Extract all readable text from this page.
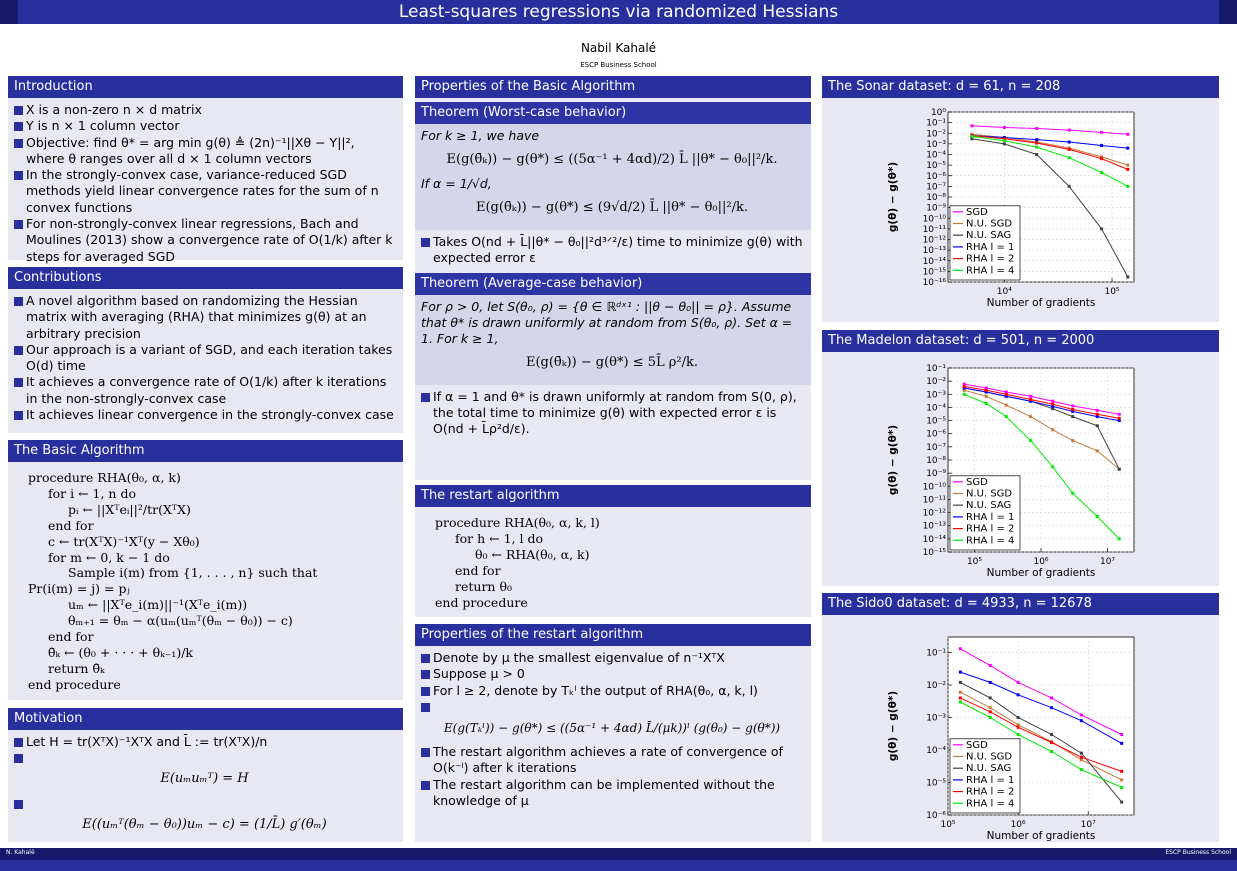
Least-squares regressions via randomized Hessians
Nabil Kahalé
ESCP Business School
Introduction
X is a non-zero n × d matrix
Y is n × 1 column vector
Objective: find θ* = arg min g(θ) ≜ (2n)⁻¹||Xθ − Y||², where θ ranges over all d × 1 column vectors
In the strongly-convex case, variance-reduced SGD methods yield linear convergence rates for the sum of n convex functions
For non-strongly-convex linear regressions, Bach and Moulines (2013) show a convergence rate of O(1/k) after k steps for averaged SGD
Contributions
A novel algorithm based on randomizing the Hessian matrix with averaging (RHA) that minimizes g(θ) at an arbitrary precision
Our approach is a variant of SGD, and each iteration takes O(d) time
It achieves a convergence rate of O(1/k) after k iterations in the non-strongly-convex case
It achieves linear convergence in the strongly-convex case
The Basic Algorithm
procedure RHA(θ₀, α, k)
for i ← 1, n do
pᵢ ← ||Xᵀeᵢ||²/tr(XᵀX)
end for
c ← tr(XᵀX)⁻¹Xᵀ(y − Xθ₀)
for m ← 0, k − 1 do
Sample i(m) from {1, . . . , n} such that
Pr(i(m) = j) = pⱼ
uₘ ← ||Xᵀe_i(m)||⁻¹(Xᵀe_i(m))
θₘ₊₁ = θₘ − α(uₘ(uₘᵀ(θₘ − θ₀)) − c)
end for
θ̄ₖ ← (θ₀ + · · · + θₖ₋₁)/k
return θ̄ₖ
end procedure
Motivation
Let H = tr(XᵀX)⁻¹XᵀX and L̄ := tr(XᵀX)/n
E(uₘuₘᵀ) = H
E((uₘᵀ(θₘ − θ₀))uₘ − c) = (1/L̄) g′(θₘ)
Properties of the Basic Algorithm
Theorem (Worst-case behavior)
For k ≥ 1, we have
E(g(θ̄ₖ)) − g(θ*) ≤ ((5α⁻¹ + 4αd)/2) L̄ ||θ* − θ₀||²/k.
If α = 1/√d,
E(g(θ̄ₖ)) − g(θ*) ≤ (9√d/2) L̄ ||θ* − θ₀||²/k.
Takes O(nd + L̄||θ* − θ₀||²d³ᐟ²/ε) time to minimize g(θ) with expected error ε
Theorem (Average-case behavior)
For ρ > 0, let S(θ₀, ρ) = {θ ∈ ℝᵈˣ¹ : ||θ − θ₀|| = ρ}. Assume that θ* is drawn uniformly at random from S(θ₀, ρ). Set α = 1. For k ≥ 1,
E(g(θ̄ₖ)) − g(θ*) ≤ 5L̄ ρ²/k.
If α = 1 and θ* is drawn uniformly at random from S(0, ρ), the total time to minimize g(θ) with expected error ε is O(nd + L̄ρ²d/ε).
The restart algorithm
procedure RHA(θ₀, α, k, l)
for h ← 1, l do
θ₀ ← RHA(θ₀, α, k)
end for
return θ₀
end procedure
Properties of the restart algorithm
Denote by μ the smallest eigenvalue of n⁻¹XᵀX
Suppose μ > 0
For l ≥ 2, denote by Tₖˡ the output of RHA(θ₀, α, k, l)
E(g(Tₖˡ)) − g(θ*) ≤ ((5α⁻¹ + 4αd) L̄/(μk))ˡ (g(θ₀) − g(θ*))
The restart algorithm achieves a rate of convergence of O(k⁻ˡ) after k iterations
The restart algorithm can be implemented without the knowledge of μ
The Sonar dataset: d = 61, n = 208
10⁰
10⁻¹
10⁻²
10⁻³
10⁻⁴
10⁻⁵
10⁻⁶
10⁻⁷
10⁻⁸
10⁻⁹
10⁻¹⁰
10⁻¹¹
10⁻¹²
10⁻¹³
10⁻¹⁴
10⁻¹⁵
10⁻¹⁶
10⁴	10⁵
Number of gradients
g(θ) − g(θ*)	SGD
N.U. SGD
N.U. SAG
RHA l = 1
RHA l = 2
RHA l = 4
The Madelon dataset: d = 501, n = 2000
10⁻¹
10⁻²
10⁻³
10⁻⁴
10⁻⁵
10⁻⁶
10⁻⁷
10⁻⁸
10⁻⁹
10⁻¹⁰
10⁻¹¹
10⁻¹²
10⁻¹³
10⁻¹⁴
10⁻¹⁵
10⁵	10⁶	10⁷
Number of gradients
g(θ) − g(θ*)	SGD
N.U. SGD
N.U. SAG
RHA l = 1
RHA l = 2
RHA l = 4
The Sido0 dataset: d = 4933, n = 12678
10⁻¹
10⁻²
10⁻³
10⁻⁴
10⁻⁵
10⁻⁶
10⁵	10⁶	10⁷
Number of gradients
g(θ) − g(θ*)	SGD
N.U. SGD
N.U. SAG
RHA l = 1
RHA l = 2
RHA l = 4
N. Kahalé	ESCP Business School
